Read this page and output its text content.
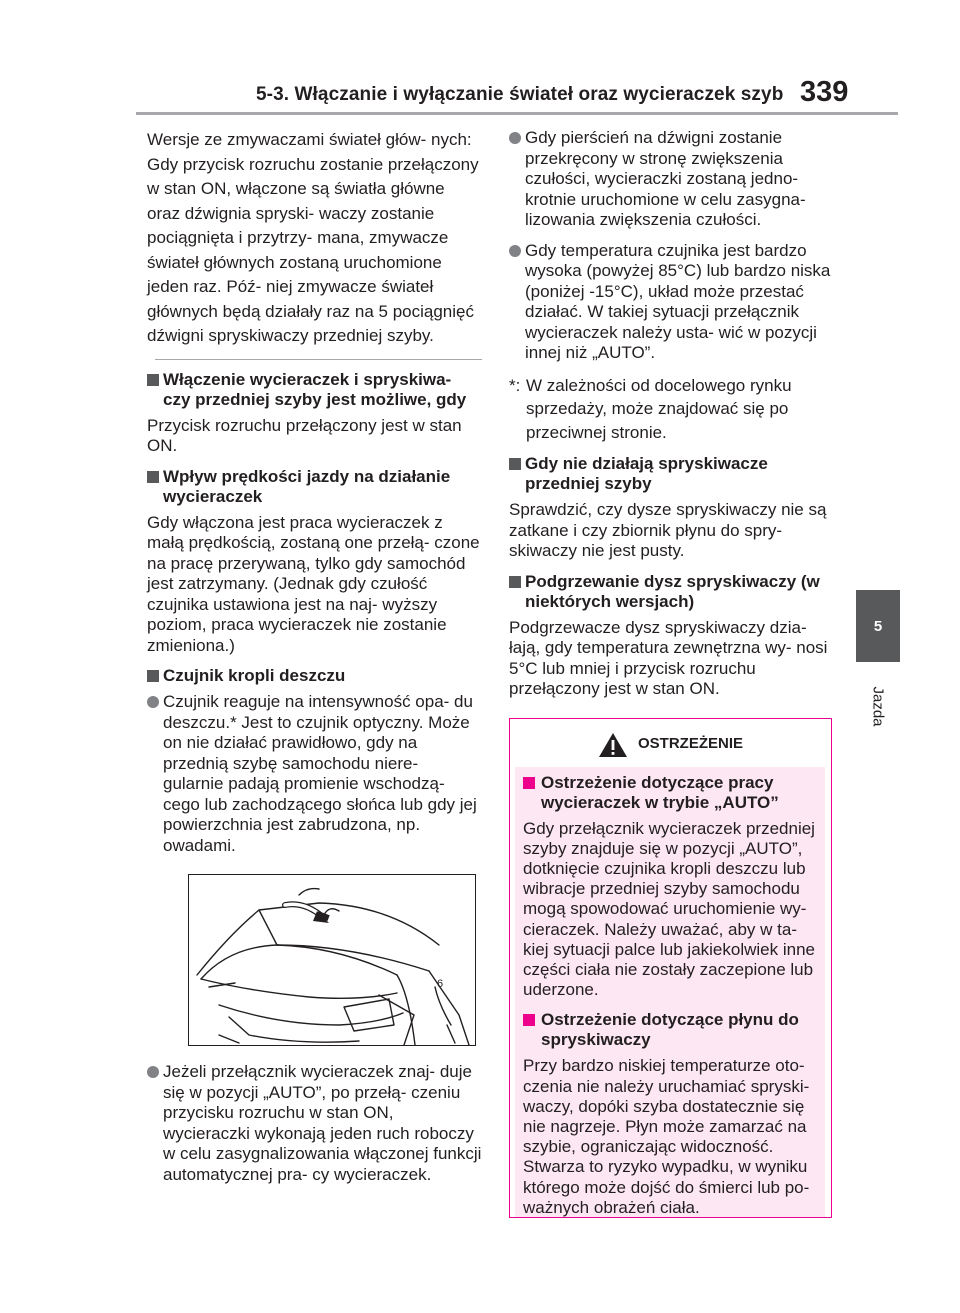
5-3. Włączanie i wyłączanie świateł oraz wycieraczek szyb 339
5
Jazda

Wersje ze zmywaczami świateł głów- nych: Gdy przycisk rozruchu zostanie przełączony w stan ON, włączone są światła główne oraz dźwignia spryski- waczy zostanie pociągnięta i przytrzy- mana, zmywacze świateł głównych zostaną uruchomione jeden raz. Póź- niej zmywacze świateł głównych będą działały raz na 5 pociągnięć dźwigni spryskiwaczy przedniej szyby.

Włączenie wycieraczek i spryskiwa- czy przedniej szyby jest możliwe, gdy

Przycisk rozruchu przełączony jest w stan ON.

Wpływ prędkości jazdy na działanie wycieraczek

Gdy włączona jest praca wycieraczek z małą prędkością, zostaną one przełą- czone na pracę przerywaną, tylko gdy samochód jest zatrzymany. (Jednak gdy czułość czujnika ustawiona jest na naj- wyższy poziom, praca wycieraczek nie zostanie zmieniona.)

Czujnik kropli deszczu
Czujnik reaguje na intensywność opa- du deszczu.* Jest to czujnik optyczny. Może on nie działać prawidłowo, gdy na przednią szybę samochodu niere- gularnie padają promienie wschodzą- cego lub zachodzącego słońca lub gdy jej powierzchnia jest zabrudzona, np. owadami.
6
Jeżeli przełącznik wycieraczek znaj- duje się w pozycji „AUTO”, po przełą- czeniu przycisku rozruchu w stan ON, wycieraczki wykonają jeden ruch roboczy w celu zasygnalizowania włączonej funkcji automatycznej pra- cy wycieraczek.
Gdy pierścień na dźwigni zostanie przekręcony w stronę zwiększenia czułości, wycieraczki zostaną jedno- krotnie uruchomione w celu zasygna- lizowania zwiększenia czułości.
Gdy temperatura czujnika jest bardzo wysoka (powyżej 85°C) lub bardzo niska (poniżej -15°C), układ może przestać działać. W takiej sytuacji przełącznik wycieraczek należy usta- wić w pozycji innej niż „AUTO”.
*: W zależności od docelowego rynku sprzedaży, może znajdować się po przeciwnej stronie.
Gdy nie działają spryskiwacze przedniej szyby

Sprawdzić, czy dysze spryskiwaczy nie są zatkane i czy zbiornik płynu do spry- skiwaczy nie jest pusty.

Podgrzewanie dysz spryskiwaczy (w niektórych wersjach)

Podgrzewacze dysz spryskiwaczy dzia- łają, gdy temperatura zewnętrzna wy- nosi 5°C lub mniej i przycisk rozruchu przełączony jest w stan ON.

OSTRZEŻENIE
Ostrzeżenie dotyczące pracy wycieraczek w trybie „AUTO”

Gdy przełącznik wycieraczek przedniej szyby znajduje się w pozycji „AUTO”, dotknięcie czujnika kropli deszczu lub wibracje przedniej szyby samochodu mogą spowodować uruchomienie wy- cieraczek. Należy uważać, aby w ta- kiej sytuacji palce lub jakiekolwiek inne części ciała nie zostały zaczepione lub uderzone.

Ostrzeżenie dotyczące płynu do spryskiwaczy

Przy bardzo niskiej temperaturze oto- czenia nie należy uruchamiać spryski- waczy, dopóki szyba dostatecznie się nie nagrzeje. Płyn może zamarzać na szybie, ograniczając widoczność. Stwarza to ryzyko wypadku, w wyniku którego może dojść do śmierci lub po- ważnych obrażeń ciała.
